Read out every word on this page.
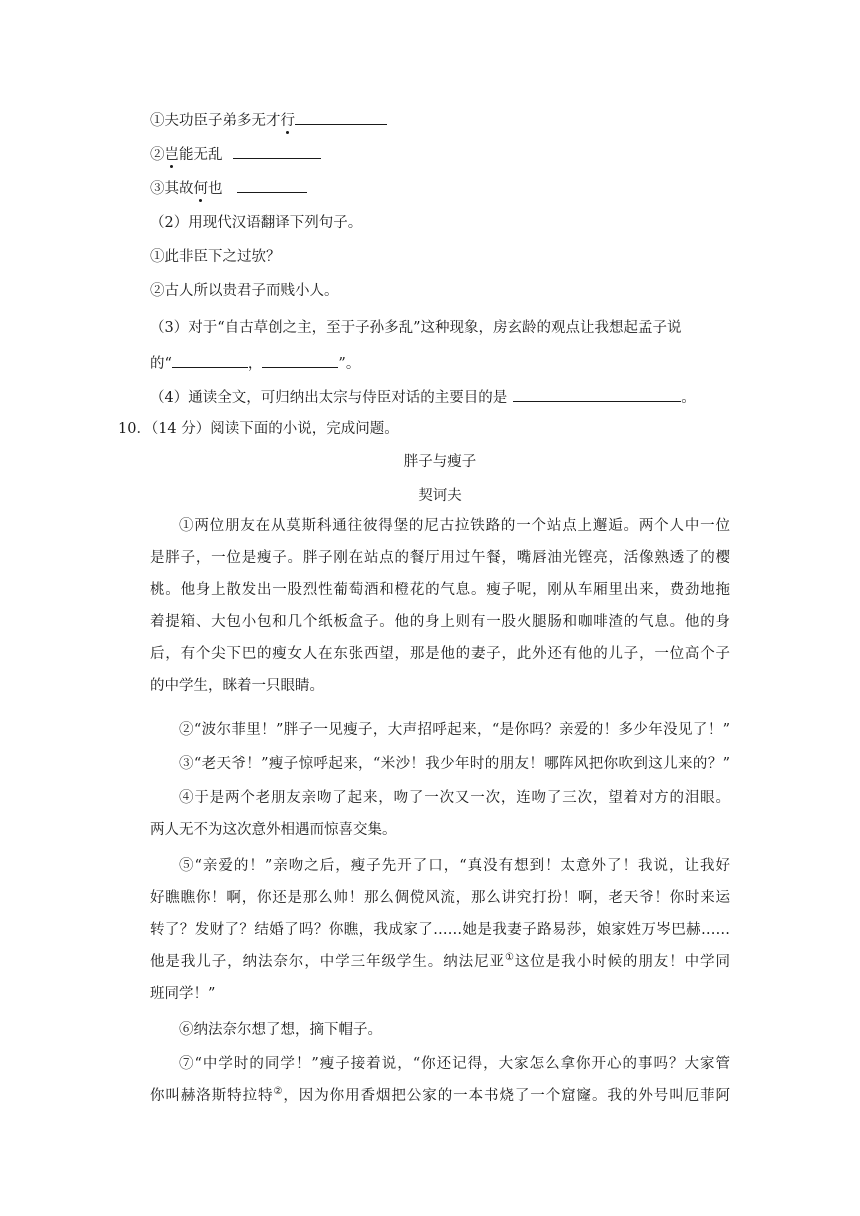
①夫功臣子弟多无才行
②岂能无乱
③其故何也
（2）用现代汉语翻译下列句子。
①此非臣下之过欤？
②古人所以贵君子而贱小人。
（3）对于“自古草创之主，至于子孙多乱”这种现象，房玄龄的观点让我想起孟子说
的“	，	”。
（4）通读全文，可归纳出太宗与侍臣对话的主要目的是	。
10．（14 分）阅读下面的小说，完成问题。
胖子与瘦子
契诃夫
①两位朋友在从莫斯科通往彼得堡的尼古拉铁路的一个站点上邂逅。两个人中一位
是胖子，一位是瘦子。胖子刚在站点的餐厅用过午餐，嘴唇油光铿亮，活像熟透了的樱
桃。他身上散发出一股烈性葡萄酒和橙花的气息。瘦子呢，刚从车厢里出来，费劲地拖
着提箱、大包小包和几个纸板盒子。他的身上则有一股火腿肠和咖啡渣的气息。他的身
后，有个尖下巴的瘦女人在东张西望，那是他的妻子，此外还有他的儿子，一位高个子
的中学生，眯着一只眼睛。
②“波尔菲里！”胖子一见瘦子，大声招呼起来，“是你吗？亲爱的！多少年没见了！”
③“老天爷！”瘦子惊呼起来，“米沙！我少年时的朋友！哪阵风把你吹到这儿来的？”
④于是两个老朋友亲吻了起来，吻了一次又一次，连吻了三次，望着对方的泪眼。
两人无不为这次意外相遇而惊喜交集。
⑤“亲爱的！”亲吻之后，瘦子先开了口，“真没有想到！太意外了！我说，让我好
好瞧瞧你！啊，你还是那么帅！那么倜傥风流，那么讲究打扮！啊，老天爷！你时来运
转了？发财了？结婚了吗？你瞧，我成家了……她是我妻子路易莎，娘家姓万岑巴赫……
他是我儿子，纳法奈尔，中学三年级学生。纳法尼亚①这位是我小时候的朋友！中学同
班同学！”
⑥纳法奈尔想了想，摘下帽子。
⑦“中学时的同学！”瘦子接着说，“你还记得，大家怎么拿你开心的事吗？大家管
你叫赫洛斯特拉特②，因为你用香烟把公家的一本书烧了一个窟窿。我的外号叫厄菲阿
